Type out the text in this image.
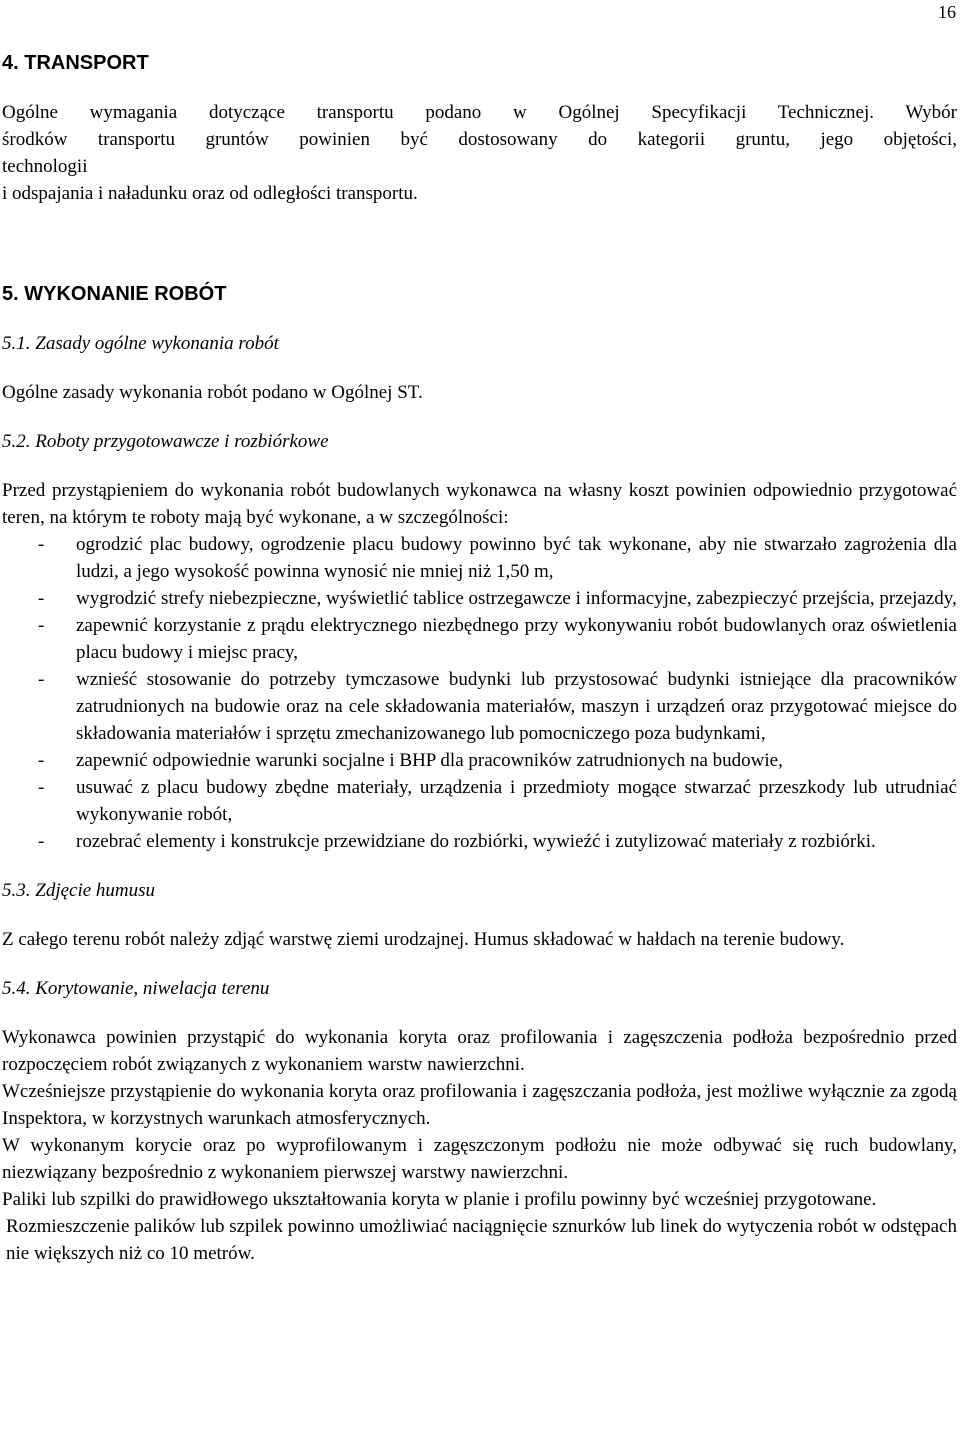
16
4. TRANSPORT

Ogólne wymagania dotyczące transportu podano w Ogólnej Specyfikacji Technicznej. Wybór

środków transportu gruntów powinien być dostosowany do kategorii gruntu, jego objętości,

technologii

i odspajania i naładunku oraz od odległości transportu.

5. WYKONANIE ROBÓT
5.1. Zasady ogólne wykonania robót

Ogólne zasady wykonania robót podano w Ogólnej ST.

5.2. Roboty przygotowawcze i rozbiórkowe

Przed przystąpieniem do wykonania robót budowlanych wykonawca na własny koszt powinien odpowiednio przygotować teren, na którym te roboty mają być wykonane, a w szczególności:

- ogrodzić plac budowy, ogrodzenie placu budowy powinno być tak wykonane, aby nie stwarzało zagrożenia dla ludzi, a jego wysokość powinna wynosić nie mniej niż 1,50 m,
- wygrodzić strefy niebezpieczne, wyświetlić tablice ostrzegawcze i informacyjne, zabezpieczyć przejścia, przejazdy,
- zapewnić korzystanie z prądu elektrycznego niezbędnego przy wykonywaniu robót budowlanych oraz oświetlenia placu budowy i miejsc pracy,
- wznieść stosowanie do potrzeby tymczasowe budynki lub przystosować budynki istniejące dla pracowników zatrudnionych na budowie oraz na cele składowania materiałów, maszyn i urządzeń oraz przygotować miejsce do składowania materiałów i sprzętu zmechanizowanego lub pomocniczego poza budynkami,
- zapewnić odpowiednie warunki socjalne i BHP dla pracowników zatrudnionych na budowie,
- usuwać z placu budowy zbędne materiały, urządzenia i przedmioty mogące stwarzać przeszkody lub utrudniać wykonywanie robót,
- rozebrać elementy i konstrukcje przewidziane do rozbiórki, wywieźć i zutylizować materiały z rozbiórki.
5.3. Zdjęcie humusu

Z całego terenu robót należy zdjąć warstwę ziemi urodzajnej. Humus składować w hałdach na terenie budowy.

5.4. Korytowanie, niwelacja terenu

Wykonawca powinien przystąpić do wykonania koryta oraz profilowania i zagęszczenia podłoża bezpośrednio przed rozpoczęciem robót związanych z wykonaniem warstw nawierzchni.

Wcześniejsze przystąpienie do wykonania koryta oraz profilowania i zagęszczania podłoża, jest możliwe wyłącznie za zgodą Inspektora, w korzystnych warunkach atmosferycznych.

W wykonanym korycie oraz po wyprofilowanym i zagęszczonym podłożu nie może odbywać się ruch budowlany, niezwiązany bezpośrednio z wykonaniem pierwszej warstwy nawierzchni.

Paliki lub szpilki do prawidłowego ukształtowania koryta w planie i profilu powinny być wcześniej przygotowane.

Rozmieszczenie palików lub szpilek powinno umożliwiać naciągnięcie sznurków lub linek do wytyczenia robót w odstępach nie większych niż co 10 metrów.
